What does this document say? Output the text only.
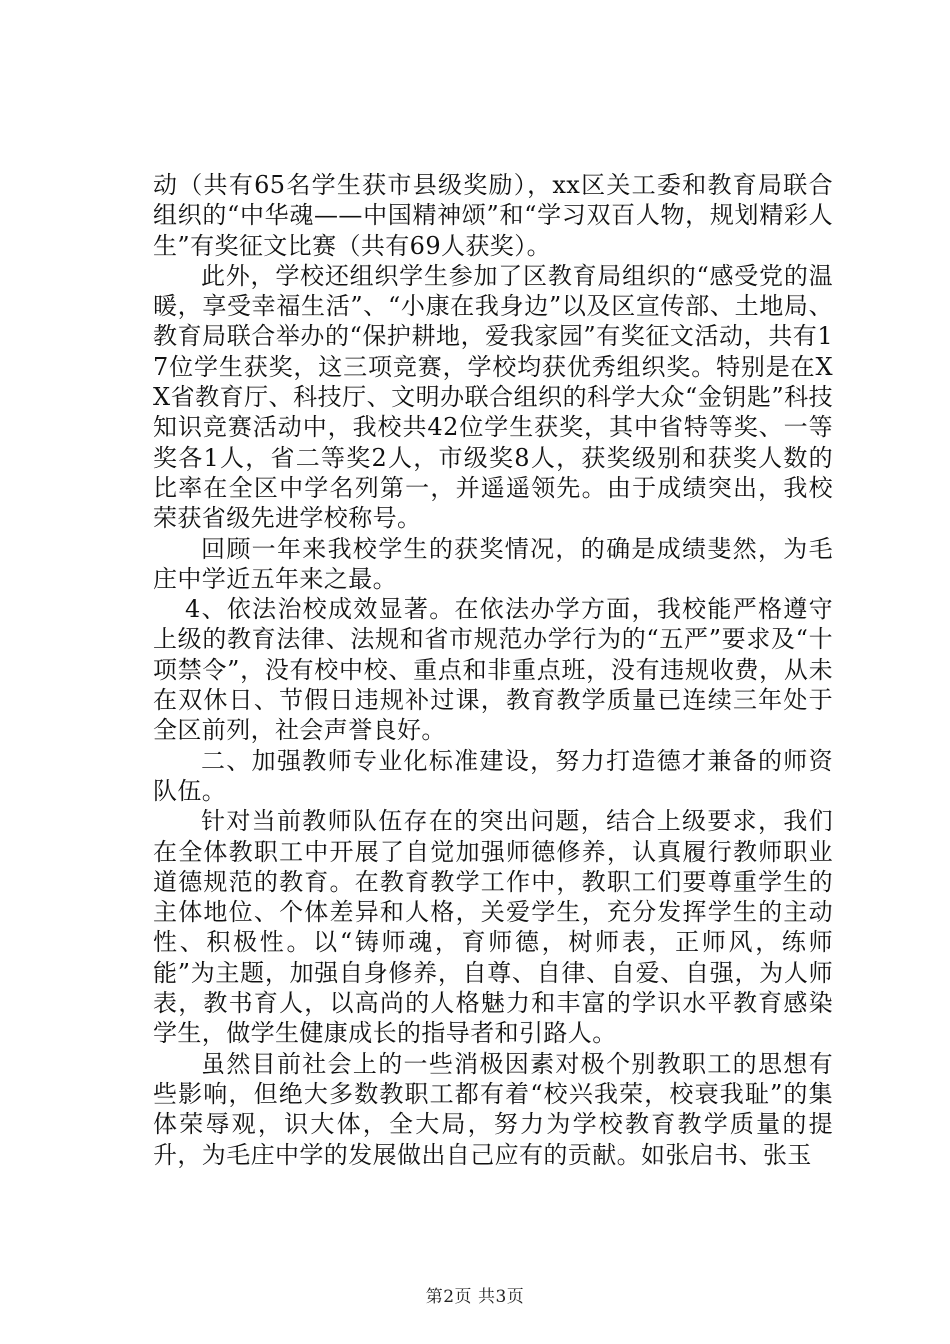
动（共有65名学生获市县级奖励），xx区关工委和教育局联合组织的“中华魂——中国精神颂”和“学习双百人物，规划精彩人生”有奖征文比赛（共有69人获奖）。

此外，学校还组织学生参加了区教育局组织的“感受党的温暖，享受幸福生活”、“小康在我身边”以及区宣传部、土地局、教育局联合举办的“保护耕地，爱我家园”有奖征文活动，共有17位学生获奖，这三项竞赛，学校均获优秀组织奖。特别是在XX省教育厅、科技厅、文明办联合组织的科学大众“金钥匙”科技知识竞赛活动中，我校共42位学生获奖，其中省特等奖、一等奖各1人，省二等奖2人，市级奖8人，获奖级别和获奖人数的比率在全区中学名列第一，并遥遥领先。由于成绩突出，我校荣获省级先进学校称号。

回顾一年来我校学生的获奖情况，的确是成绩斐然，为毛庄中学近五年来之最。

4、依法治校成效显著。在依法办学方面，我校能严格遵守上级的教育法律、法规和省市规范办学行为的“五严”要求及“十项禁令”，没有校中校、重点和非重点班，没有违规收费，从未在双休日、节假日违规补过课，教育教学质量已连续三年处于全区前列，社会声誉良好。

二、加强教师专业化标准建设，努力打造德才兼备的师资队伍。

针对当前教师队伍存在的突出问题，结合上级要求，我们在全体教职工中开展了自觉加强师德修养，认真履行教师职业道德规范的教育。在教育教学工作中，教职工们要尊重学生的主体地位、个体差异和人格，关爱学生，充分发挥学生的主动性、积极性。以“铸师魂，育师德，树师表，正师风，练师能”为主题，加强自身修养，自尊、自律、自爱、自强，为人师表，教书育人，以高尚的人格魅力和丰富的学识水平教育感染学生，做学生健康成长的指导者和引路人。

虽然目前社会上的一些消极因素对极个别教职工的思想有些影响，但绝大多数教职工都有着“校兴我荣，校衰我耻”的集体荣辱观，识大体，全大局，努力为学校教育教学质量的提升，为毛庄中学的发展做出自己应有的贡献。如张启书、张玉

第2页 共3页
